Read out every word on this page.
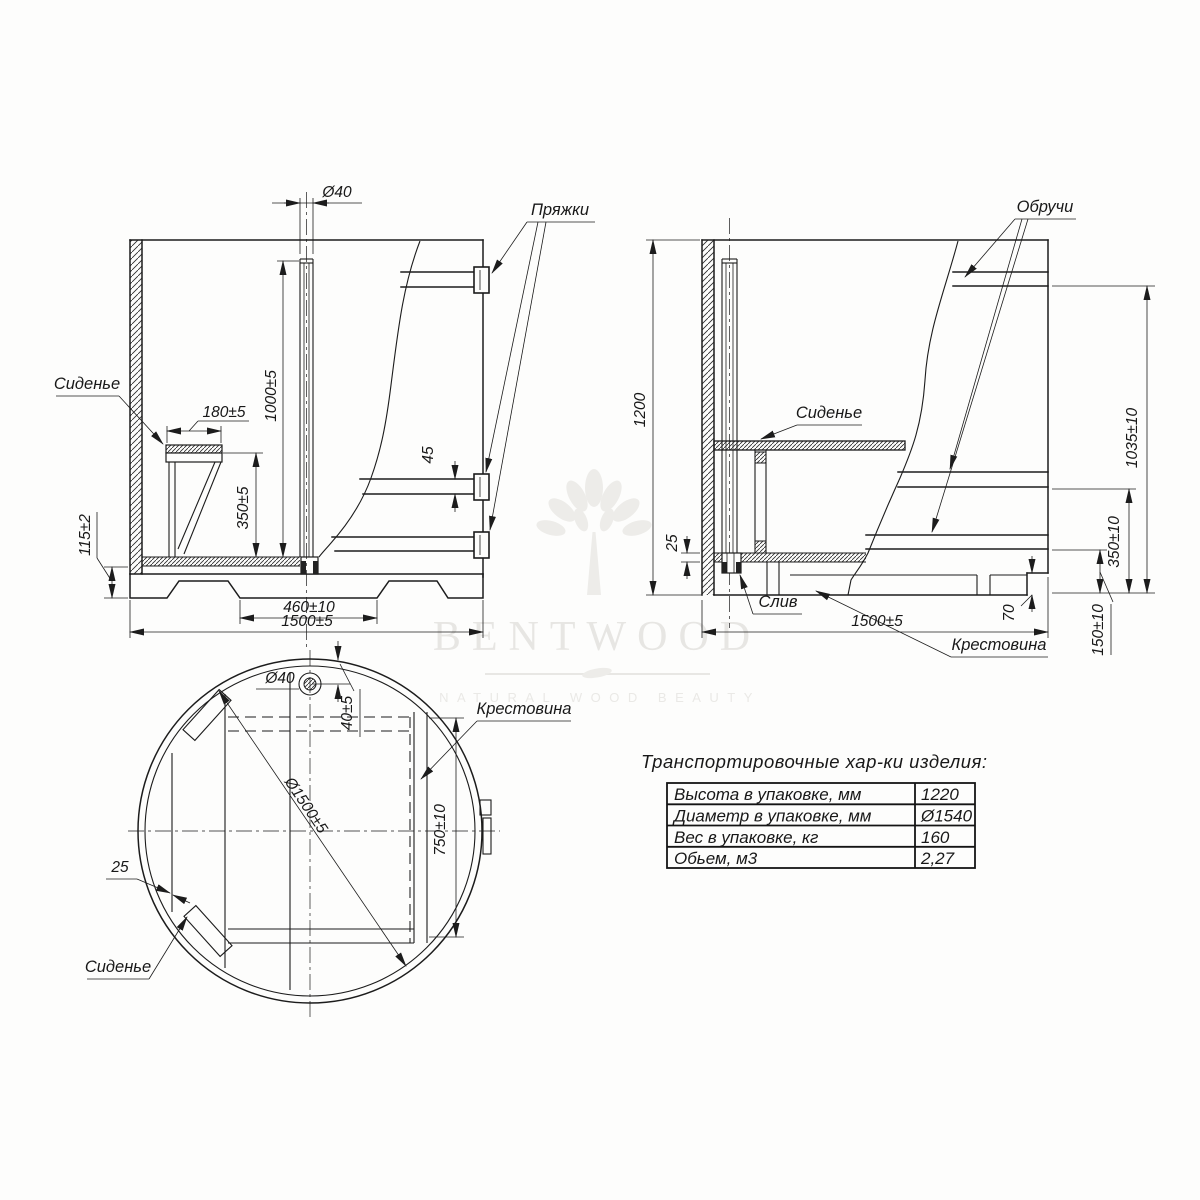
BENTWOOD
NATURAL WOOD BEAUTY
Ø40
1000±5
180±5
350±5
115±2
45
460±10
1500±5
Сиденье
Пряжки
1200
25
1035±10
350±10
150±10
70
1500±5
Обручи
Сиденье
Слив
Крестовина
Ø1500±5	750±10
40±5
Ø40
25
Крестовина
Сиденье
Транспортировочные хар-ки изделия:
Высота в упаковке, мм	1220
Диаметр в упаковке, мм	Ø1540
Вес в упаковке, кг	160
Обьем, м3	2,27
